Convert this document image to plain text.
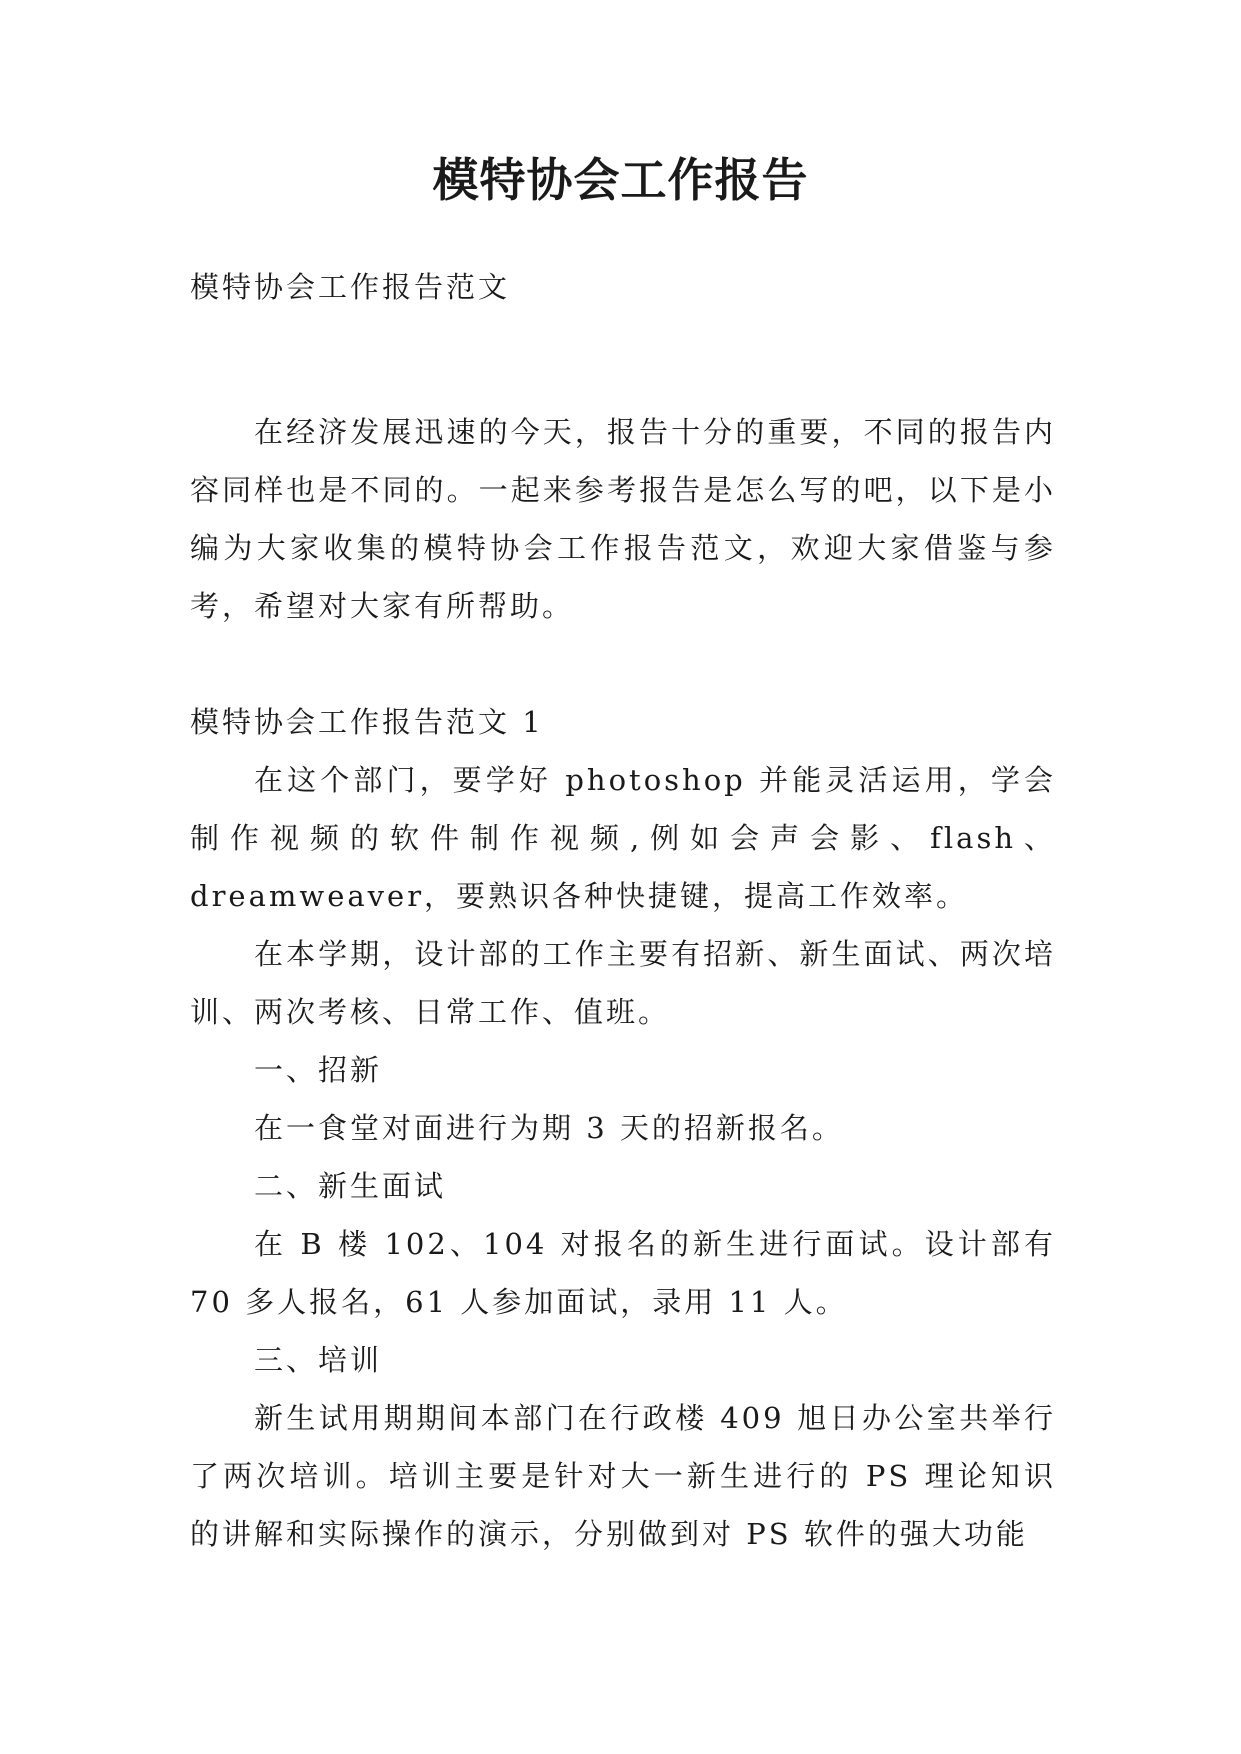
模特协会工作报告
模特协会工作报告范文
在经济发展迅速的今天，报告十分的重要，不同的报告内容同样也是不同的。一起来参考报告是怎么写的吧，以下是小编为大家收集的模特协会工作报告范文，欢迎大家借鉴与参考，希望对大家有所帮助。

模特协会工作报告范文 1

在这个部门，要学好 photoshop 并能灵活运用，学会制作视频的软件制作视频,例如会声会影、flash、dreamweaver，要熟识各种快捷键，提高工作效率。

在本学期，设计部的工作主要有招新、新生面试、两次培训、两次考核、日常工作、值班。

一、招新

在一食堂对面进行为期 3 天的招新报名。

二、新生面试

在 B 楼 102、104 对报名的新生进行面试。设计部有 70 多人报名，61 人参加面试，录用 11 人。

三、培训

新生试用期期间本部门在行政楼 409 旭日办公室共举行了两次培训。培训主要是针对大一新生进行的 PS 理论知识的讲解和实际操作的演示，分别做到对 PS 软件的强大功能
